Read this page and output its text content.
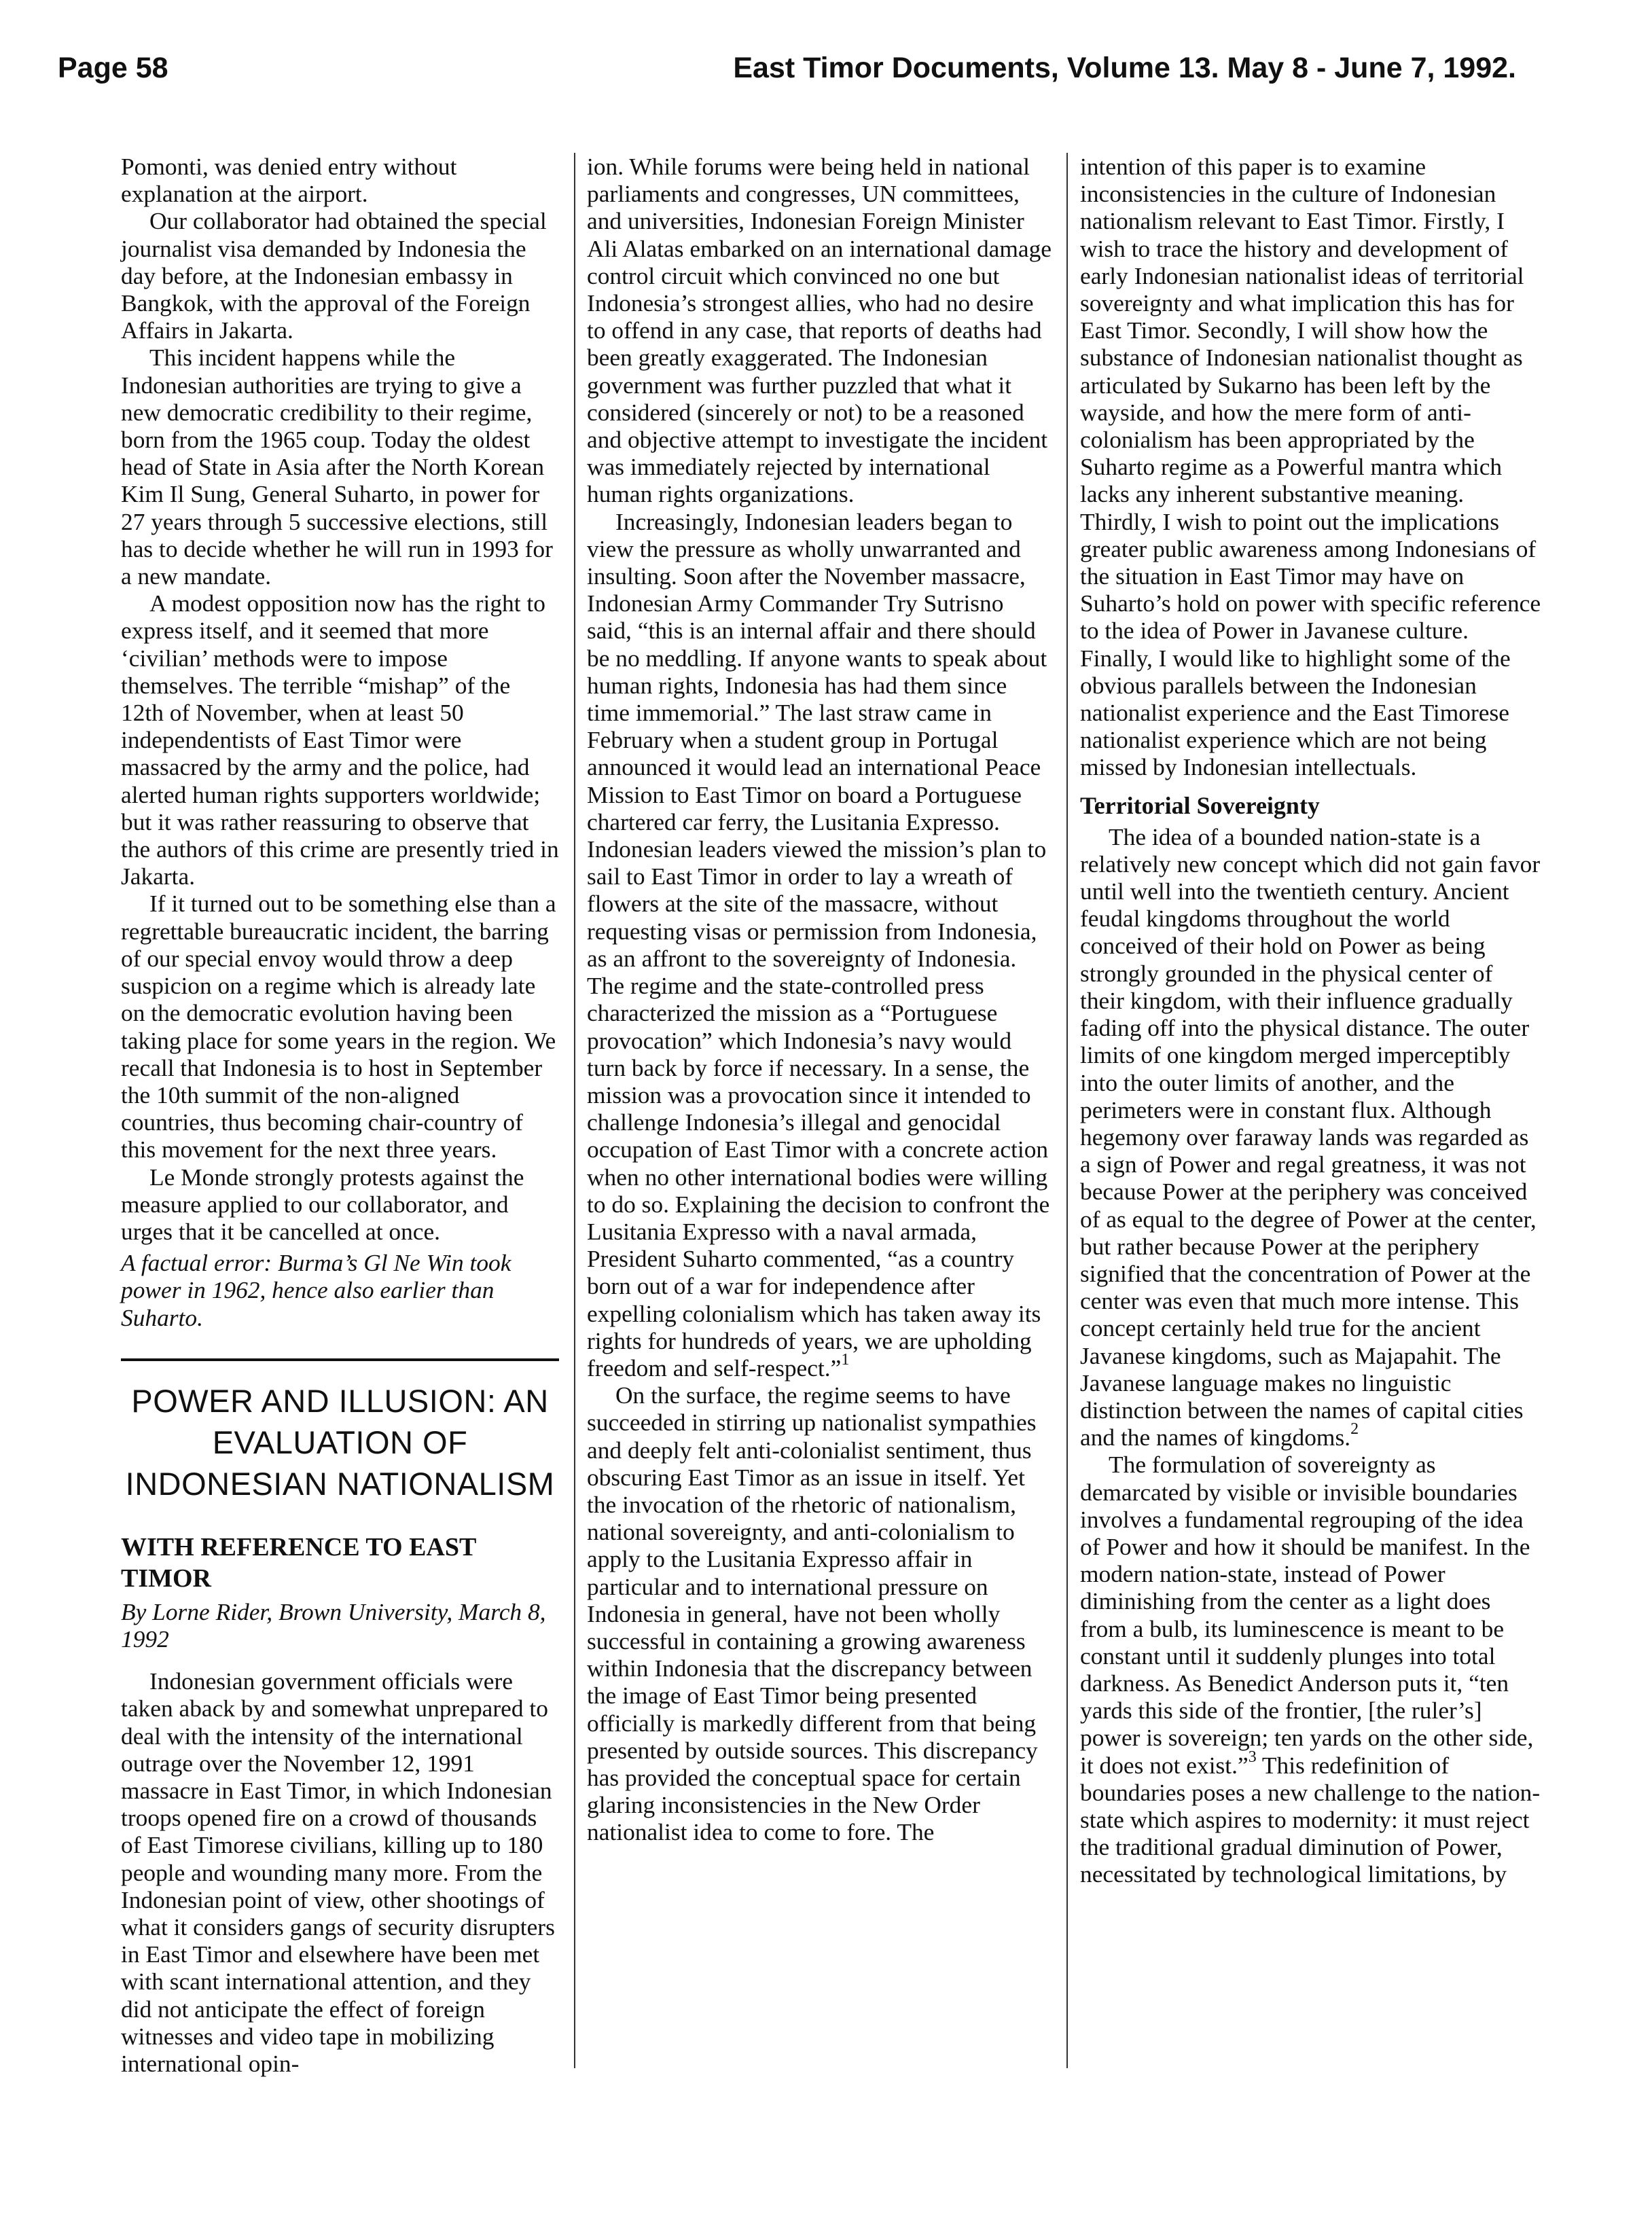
Page 58	East Timor Documents, Volume 13. May 8 - June 7, 1992.

Pomonti, was denied entry without explanation at the airport.

Our collaborator had obtained the special journalist visa demanded by Indonesia the day before, at the Indonesian embassy in Bangkok, with the approval of the Foreign Affairs in Jakarta.

This incident happens while the Indonesian authorities are trying to give a new democratic credibility to their regime, born from the 1965 coup. Today the oldest head of State in Asia after the North Korean Kim Il Sung, General Suharto, in power for 27 years through 5 successive elections, still has to decide whether he will run in 1993 for a new mandate.

A modest opposition now has the right to express itself, and it seemed that more ‘civilian’ methods were to impose themselves. The terrible “mishap” of the 12th of November, when at least 50 independentists of East Timor were massacred by the army and the police, had alerted human rights supporters worldwide; but it was rather reassuring to observe that the authors of this crime are presently tried in Jakarta.

If it turned out to be something else than a regrettable bureaucratic incident, the barring of our special envoy would throw a deep suspicion on a regime which is already late on the democratic evolution having been taking place for some years in the region. We recall that Indonesia is to host in September the 10th summit of the non-aligned countries, thus becoming chair-country of this movement for the next three years.

Le Monde strongly protests against the measure applied to our collaborator, and urges that it be cancelled at once.

A factual error: Burma’s Gl Ne Win took power in 1962, hence also earlier than Suharto.

POWER AND ILLUSION: AN EVALUATION OF INDONESIAN NATIONALISM
WITH REFERENCE TO EAST TIMOR
By Lorne Rider, Brown University, March 8, 1992

Indonesian government officials were taken aback by and somewhat unprepared to deal with the intensity of the international outrage over the November 12, 1991 massacre in East Timor, in which Indonesian troops opened fire on a crowd of thousands of East Timorese civilians, killing up to 180 people and wounding many more. From the Indonesian point of view, other shootings of what it considers gangs of security disrupters in East Timor and elsewhere have been met with scant international attention, and they did not anticipate the effect of foreign witnesses and video tape in mobilizing international opin-

ion. While forums were being held in national parliaments and congresses, UN committees, and universities, Indonesian Foreign Minister Ali Alatas embarked on an international damage control circuit which convinced no one but Indonesia’s strongest allies, who had no desire to offend in any case, that reports of deaths had been greatly exaggerated. The Indonesian government was further puzzled that what it considered (sincerely or not) to be a reasoned and objective attempt to investigate the incident was immediately rejected by international human rights organizations.

Increasingly, Indonesian leaders began to view the pressure as wholly unwarranted and insulting. Soon after the November massacre, Indonesian Army Commander Try Sutrisno said, “this is an internal affair and there should be no meddling. If anyone wants to speak about human rights, Indonesia has had them since time immemorial.” The last straw came in February when a student group in Portugal announced it would lead an international Peace Mission to East Timor on board a Portuguese chartered car ferry, the Lusitania Expresso. Indonesian leaders viewed the mission’s plan to sail to East Timor in order to lay a wreath of flowers at the site of the massacre, without requesting visas or permission from Indonesia, as an affront to the sovereignty of Indonesia. The regime and the state-controlled press characterized the mission as a “Portuguese provocation” which Indonesia’s navy would turn back by force if necessary. In a sense, the mission was a provocation since it intended to challenge Indonesia’s illegal and genocidal occupation of East Timor with a concrete action when no other international bodies were willing to do so. Explaining the decision to confront the Lusitania Expresso with a naval armada, President Suharto commented, “as a country born out of a war for independence after expelling colonialism which has taken away its rights for hundreds of years, we are upholding freedom and self-respect.”$^1$

On the surface, the regime seems to have succeeded in stirring up nationalist sympathies and deeply felt anti-colonialist sentiment, thus obscuring East Timor as an issue in itself. Yet the invocation of the rhetoric of nationalism, national sovereignty, and anti-colonialism to apply to the Lusitania Expresso affair in particular and to international pressure on Indonesia in general, have not been wholly successful in containing a growing awareness within Indonesia that the discrepancy between the image of East Timor being presented officially is markedly different from that being presented by outside sources. This discrepancy has provided the conceptual space for certain glaring inconsistencies in the New Order nationalist idea to come to fore. The

intention of this paper is to examine inconsistencies in the culture of Indonesian nationalism relevant to East Timor. Firstly, I wish to trace the history and development of early Indonesian nationalist ideas of territorial sovereignty and what implication this has for East Timor. Secondly, I will show how the substance of Indonesian nationalist thought as articulated by Sukarno has been left by the wayside, and how the mere form of anti-colonialism has been appropriated by the Suharto regime as a Powerful mantra which lacks any inherent substantive meaning. Thirdly, I wish to point out the implications greater public awareness among Indonesians of the situation in East Timor may have on Suharto’s hold on power with specific reference to the idea of Power in Javanese culture. Finally, I would like to highlight some of the obvious parallels between the Indonesian nationalist experience and the East Timorese nationalist experience which are not being missed by Indonesian intellectuals.

Territorial Sovereignty

The idea of a bounded nation-state is a relatively new concept which did not gain favor until well into the twentieth century. Ancient feudal kingdoms throughout the world conceived of their hold on Power as being strongly grounded in the physical center of their kingdom, with their influence gradually fading off into the physical distance. The outer limits of one kingdom merged imperceptibly into the outer limits of another, and the perimeters were in constant flux. Although hegemony over faraway lands was regarded as a sign of Power and regal greatness, it was not because Power at the periphery was conceived of as equal to the degree of Power at the center, but rather because Power at the periphery signified that the concentration of Power at the center was even that much more intense. This concept certainly held true for the ancient Javanese kingdoms, such as Majapahit. The Javanese language makes no linguistic distinction between the names of capital cities and the names of kingdoms.$^2$

The formulation of sovereignty as demarcated by visible or invisible boundaries involves a fundamental regrouping of the idea of Power and how it should be manifest. In the modern nation-state, instead of Power diminishing from the center as a light does from a bulb, its luminescence is meant to be constant until it suddenly plunges into total darkness. As Benedict Anderson puts it, “ten yards this side of the frontier, [the ruler’s] power is sovereign; ten yards on the other side, it does not exist.”$^3$ This redefinition of boundaries poses a new challenge to the nation-state which aspires to modernity: it must reject the traditional gradual diminution of Power, necessitated by technological limitations, by
